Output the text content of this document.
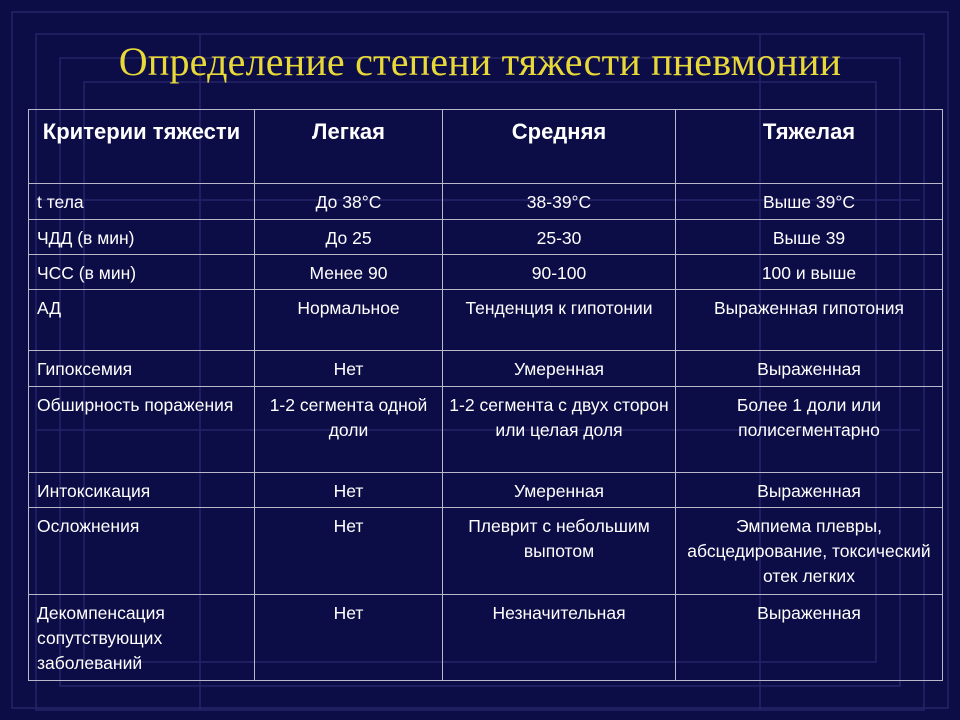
Определение степени тяжести пневмонии
Критерии тяжести	Легкая	Средняя	Тяжелая
t тела	До 38°С	38-39°С	Выше 39°С
ЧДД (в мин)	До 25	25-30	Выше 39
ЧСС (в мин)	Менее 90	90-100	100 и выше
АД	Нормальное	Тенденция к гипотонии	Выраженная гипотония
Гипоксемия	Нет	Умеренная	Выраженная
Обширность поражения	1-2 сегмента одной доли	1-2 сегмента с двух сторон или целая доля	Более 1 доли или полисегментарно
Интоксикация	Нет	Умеренная	Выраженная
Осложнения	Нет	Плеврит с небольшим выпотом	Эмпиема плевры, абсцедирование, токсический отек легких
Декомпенсация сопутствующих заболеваний	Нет	Незначительная	Выраженная
